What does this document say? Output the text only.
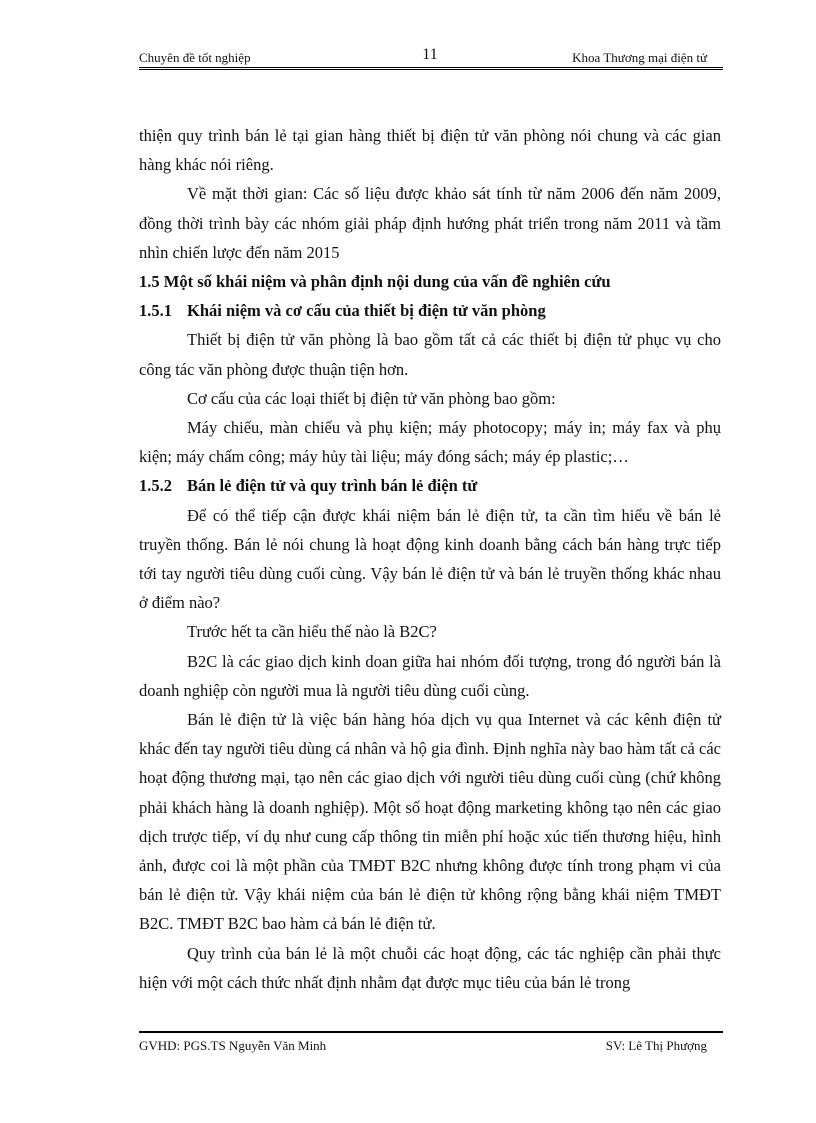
Chuyên đề tốt nghiệp	11	Khoa Thương mại điện tử

thiện quy trình bán lẻ tại gian hàng thiết bị điện tử văn phòng nói chung và các gian hàng khác nói riêng.

Về mặt thời gian: Các số liệu được khảo sát tính từ năm 2006 đến năm 2009, đồng thời trình bày các nhóm giải pháp định hướng phát triển trong năm 2011 và tầm nhìn chiến lược đến năm 2015

1.5 Một số khái niệm và phân định nội dung của vấn đề nghiên cứu
1.5.1 Khái niệm và cơ cấu của thiết bị điện tử văn phòng

Thiết bị điện tử văn phòng là bao gồm tất cả các thiết bị điện tử phục vụ cho công tác văn phòng được thuận tiện hơn.

Cơ cấu của các loại thiết bị điện tử văn phòng bao gồm:

Máy chiếu, màn chiếu và phụ kiện; máy photocopy; máy in; máy fax và phụ kiện; máy chấm công; máy hủy tài liệu; máy đóng sách; máy ép plastic;…

1.5.2 Bán lẻ điện tử và quy trình bán lẻ điện tử

Để có thể tiếp cận được khái niệm bán lẻ điện tử, ta cần tìm hiểu về bán lẻ truyền thống. Bán lẻ nói chung là hoạt động kinh doanh bằng cách bán hàng trực tiếp tới tay người tiêu dùng cuối cùng. Vậy bán lẻ điện tử và bán lẻ truyền thống khác nhau ở điểm nào?

Trước hết ta cần hiểu thế nào là B2C?

B2C là các giao dịch kinh doan giữa hai nhóm đối tượng, trong đó người bán là doanh nghiệp còn người mua là người tiêu dùng cuối cùng.

Bán lẻ điện tử là việc bán hàng hóa dịch vụ qua Internet và các kênh điện tử khác đến tay người tiêu dùng cá nhân và hộ gia đình. Định nghĩa này bao hàm tất cả các hoạt động thương mại, tạo nên các giao dịch với người tiêu dùng cuối cùng (chứ không phải khách hàng là doanh nghiệp). Một số hoạt động marketing không tạo nên các giao dịch trược tiếp, ví dụ như cung cấp thông tin miễn phí hoặc xúc tiến thương hiệu, hình ảnh, được coi là một phần của TMĐT B2C nhưng không được tính trong phạm vi của bán lẻ điện tử. Vậy khái niệm của bán lẻ điện tử không rộng bằng khái niệm TMĐT B2C. TMĐT B2C bao hàm cả bán lẻ điện tử.

Quy trình của bán lẻ là một chuỗi các hoạt động, các tác nghiệp cần phải thực hiện với một cách thức nhất định nhằm đạt được mục tiêu của bán lẻ trong

GVHD: PGS.TS Nguyễn Văn Minh	SV: Lê Thị Phượng
